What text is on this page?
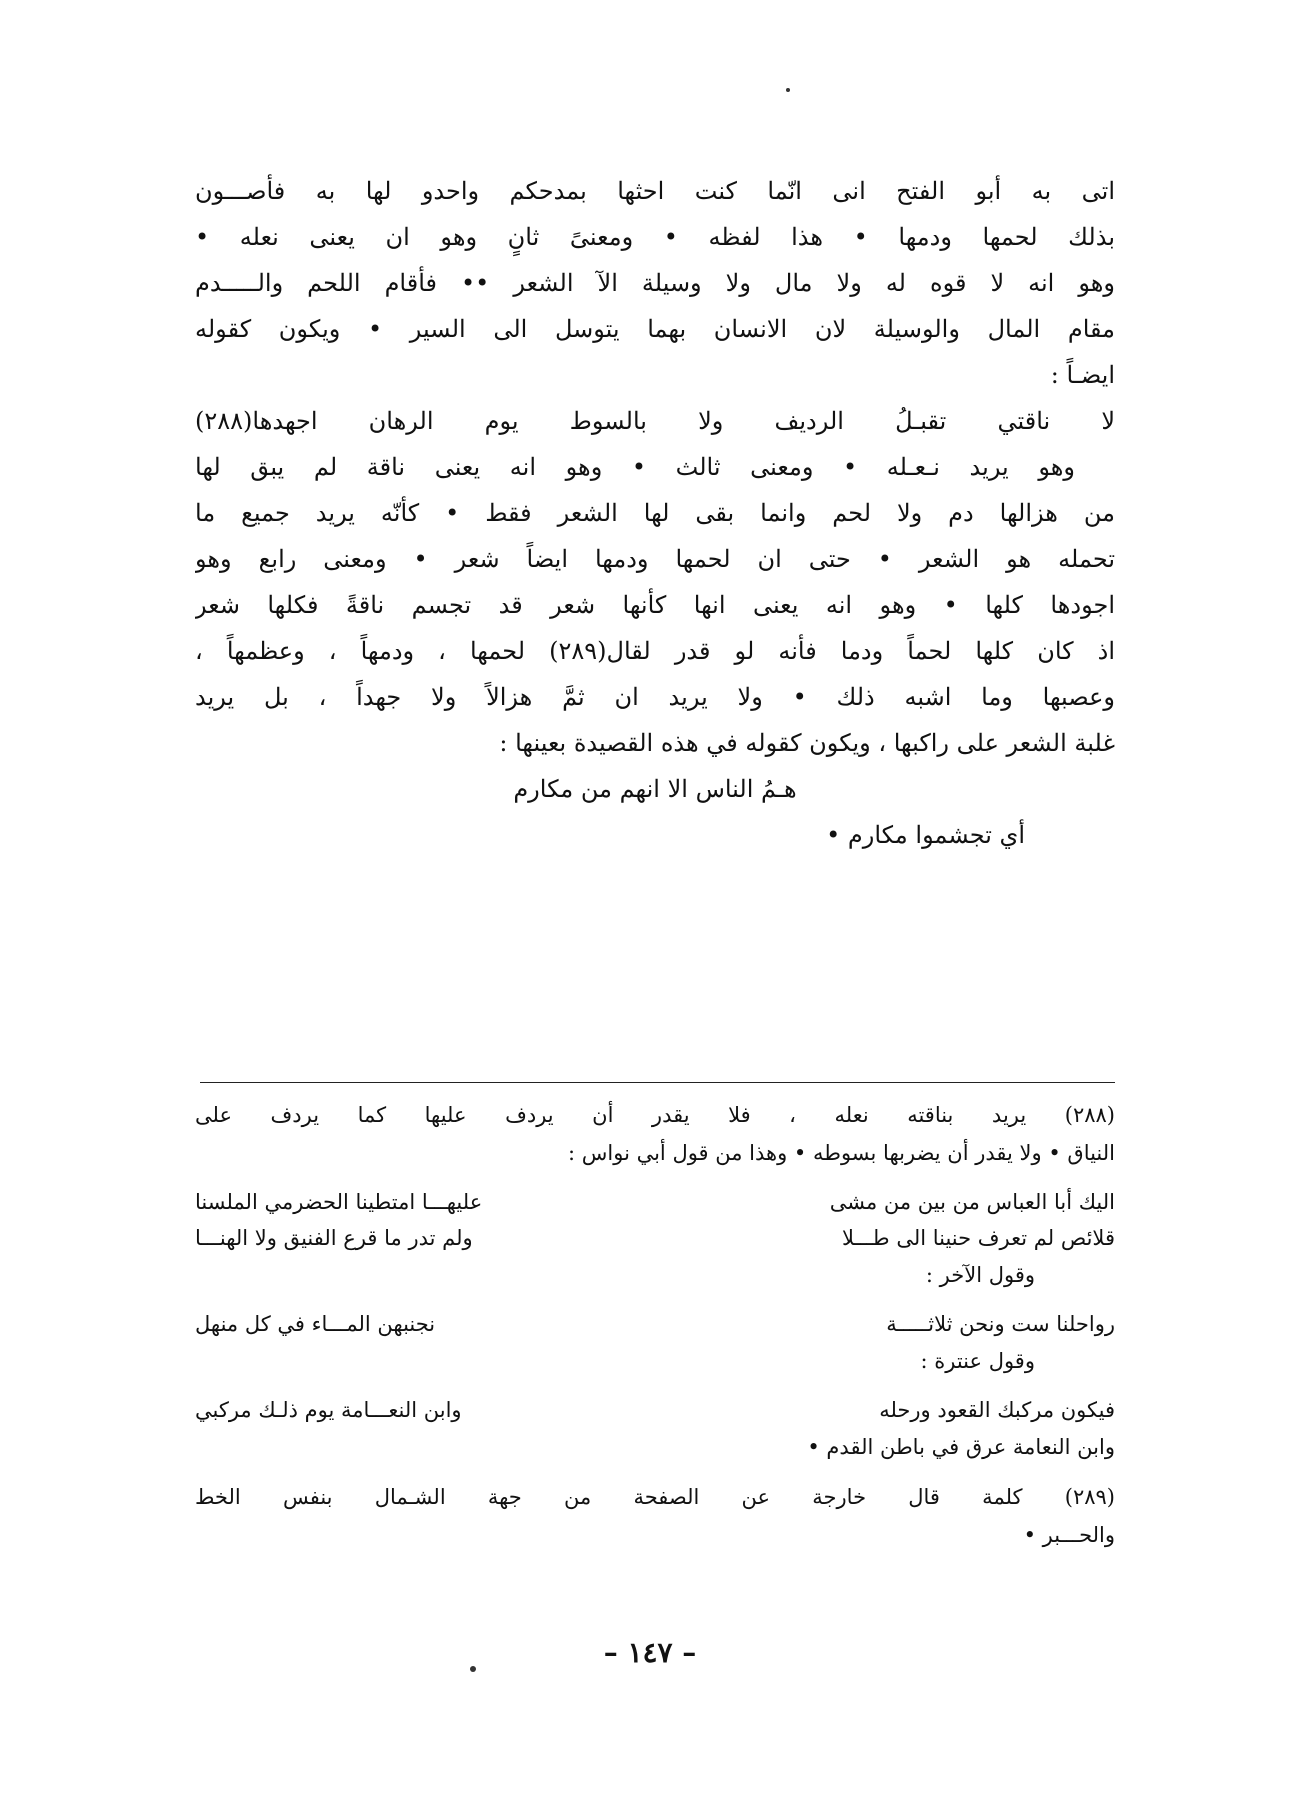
اتى به أبو الفتح انى انّما كنت احثها بمدحكم واحدو لها به فأصـــون
بذلك لحمها ودمها • هذا لفظه • ومعنىً ثانٍ وهو ان يعنى نعله •
وهو انه لا قوه له ولا مال ولا وسيلة الآ الشعر •• فأقام اللحم والـــــدم
مقام المال والوسيلة لان الانسان بهما يتوسل الى السير • ويكون كقوله
ايضـاً :
لا ناقتي تقبـلُ الرديف ولا بالسوط يوم الرهان اجهدها(٢٨٨)
وهو يريد نـعـله • ومعنى ثالث • وهو انه يعنى ناقة لم يبق لها
من هزالها دم ولا لحم وانما بقى لها الشعر فقط • كأنّه يريد جميع ما
تحمله هو الشعر • حتى ان لحمها ودمها ايضاً شعر • ومعنى رابع وهو
اجودها كلها • وهو انه يعنى انها كأنها شعر قد تجسم ناقةً فكلها شعر
اذ كان كلها لحماً ودما فأنه لو قدر لقال(٢٨٩) لحمها ، ودمهاً ، وعظمهاً ،
وعصبها وما اشبه ذلك • ولا يريد ان ثمَّ هزالاً ولا جهداً ، بل يريد
غلبة الشعر على راكبها ، ويكون كقوله في هذه القصيدة بعينها :
هـمُ الناس الا انهم من مكارم
أي تجشموا مكارم •
(٢٨٨) يريد بناقته نعله ، فلا يقدر أن يردف عليها كما يردف على
النياق • ولا يقدر أن يضربها بسوطه • وهذا من قول أبي نواس :
اليك أبا العباس من بين من مشى
عليهـــا امتطينا الحضرمي الملسنا
قلائص لم تعرف حنينا الى طـــلا
ولم تدر ما قرع الفنيق ولا الهنـــا
وقول الآخر :
رواحلنا ست ونحن ثلاثـــــة
نجنبهن المـــاء في كل منهل
وقول عنترة :
فيكون مركبك القعود ورحله
وابن النعـــامة يوم ذلـك مركبي
وابن النعامة عرق في باطن القدم •
(٢٨٩) كلمة قال خارجة عن الصفحة من جهة الشـمال بنفس الخط
والحـــبر •
– ١٤٧ –
